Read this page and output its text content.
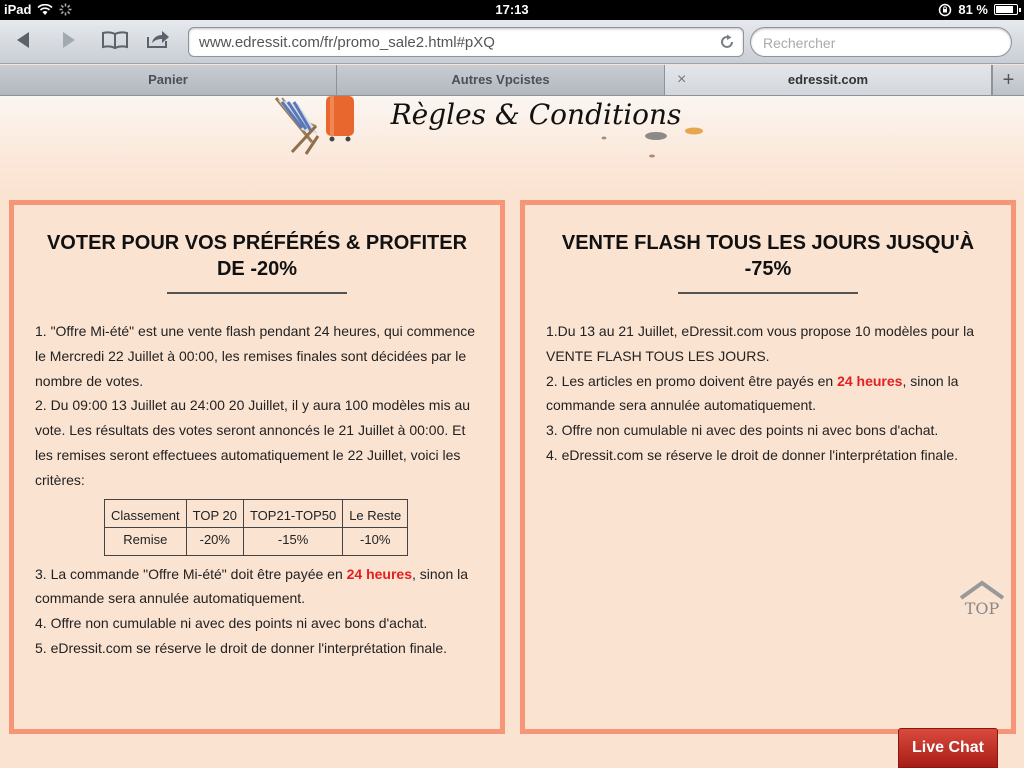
iPad	17:13	81 %
www.edressit.com/fr/promo_sale2.html#pXQ	Rechercher
Panier	Autres Vpcistes	×	edressit.com	+
Règles & Conditions
VOTER POUR VOS PRÉFÉRÉS & PROFITER DE -20%

1. "Offre Mi-été" est une vente flash pendant 24 heures, qui commence le Mercredi 22 Juillet à 00:00, les remises finales sont décidées par le nombre de votes.

2. Du 09:00 13 Juillet au 24:00 20 Juillet, il y aura 100 modèles mis au vote. Les résultats des votes seront annoncés le 21 Juillet à 00:00. Et les remises seront effectuees automatiquement le 22 Juillet, voici les critères:

Classement	TOP 20	TOP21-TOP50	Le Reste
Remise	-20%	-15%	-10%

3. La commande "Offre Mi-été" doit être payée en 24 heures, sinon la commande sera annulée automatiquement.

4. Offre non cumulable ni avec des points ni avec bons d'achat.

5. eDressit.com se réserve le droit de donner l'interprétation finale.

VENTE FLASH TOUS LES JOURS JUSQU'À -75%

1.Du 13 au 21 Juillet, eDressit.com vous propose 10 modèles pour la VENTE FLASH TOUS LES JOURS.

2. Les articles en promo doivent être payés en 24 heures, sinon la commande sera annulée automatiquement.

3. Offre non cumulable ni avec des points ni avec bons d'achat.

4. eDressit.com se réserve le droit de donner l'interprétation finale.

TOP
Live Chat
